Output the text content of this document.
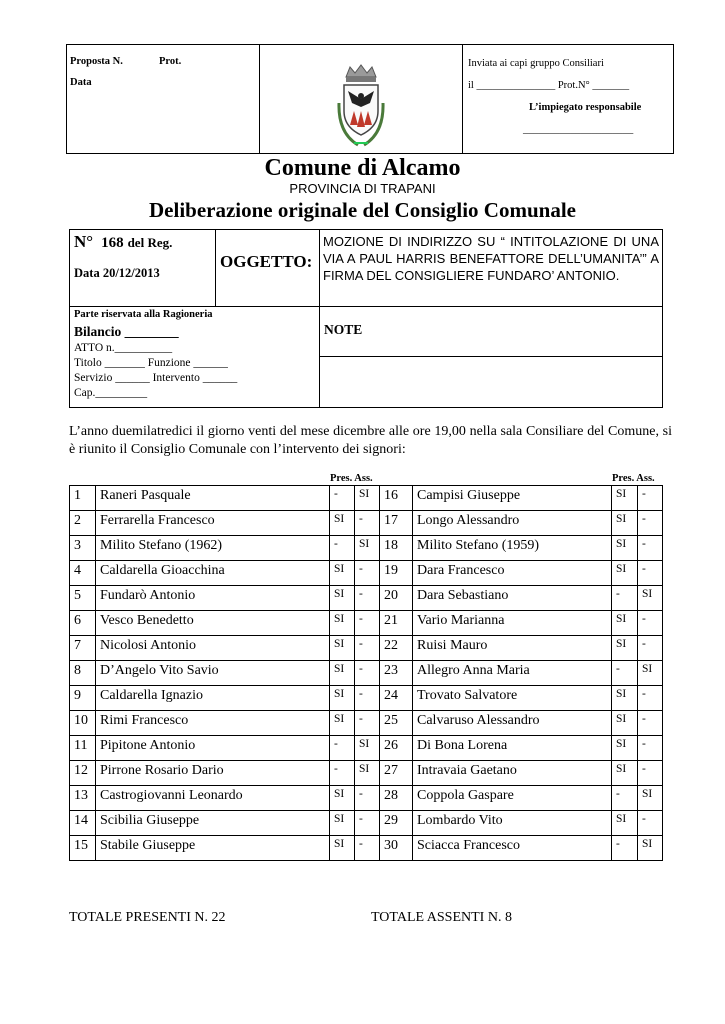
Proposta N.	Prot.
Data
Inviata ai capi gruppo Consiliari
il _______________ Prot.N° _______
L’impiegato responsabile
_____________________
Comune di Alcamo
PROVINCIA DI TRAPANI
Deliberazione originale del Consiglio Comunale
N° 168 del Reg.
Data 20/12/2013
OGGETTO:
MOZIONE DI INDIRIZZO SU “ INTITOLAZIONE DI UNA VIA A PAUL HARRIS BENEFATTORE DELL’UMANITA’” A FIRMA DEL CONSIGLIERE FUNDARO’ ANTONIO.
Parte riservata alla Ragioneria
Bilancio ________
ATTO n.__________
Titolo _______ Funzione ______
Servizio ______ Intervento ______
Cap._________
NOTE
L’anno duemilatredici il giorno venti del mese dicembre alle ore 19,00 nella sala Consiliare del Comune, si è riunito il Consiglio Comunale con l’intervento dei signori:
Pres. Ass.	Pres. Ass.
1	Raneri Pasquale	-	SI	16	Campisi Giuseppe	SI	-
2	Ferrarella Francesco	SI	-	17	Longo Alessandro	SI	-
3	Milito Stefano (1962)	-	SI	18	Milito Stefano (1959)	SI	-
4	Caldarella Gioacchina	SI	-	19	Dara Francesco	SI	-
5	Fundarò Antonio	SI	-	20	Dara Sebastiano	-	SI
6	Vesco Benedetto	SI	-	21	Vario Marianna	SI	-
7	Nicolosi Antonio	SI	-	22	Ruisi Mauro	SI	-
8	D’Angelo Vito Savio	SI	-	23	Allegro Anna Maria	-	SI
9	Caldarella Ignazio	SI	-	24	Trovato Salvatore	SI	-
10	Rimi Francesco	SI	-	25	Calvaruso Alessandro	SI	-
11	Pipitone Antonio	-	SI	26	Di Bona Lorena	SI	-
12	Pirrone Rosario Dario	-	SI	27	Intravaia Gaetano	SI	-
13	Castrogiovanni Leonardo	SI	-	28	Coppola Gaspare	-	SI
14	Scibilia Giuseppe	SI	-	29	Lombardo Vito	SI	-
15	Stabile Giuseppe	SI	-	30	Sciacca Francesco	-	SI
TOTALE PRESENTI N. 22	TOTALE ASSENTI N. 8
